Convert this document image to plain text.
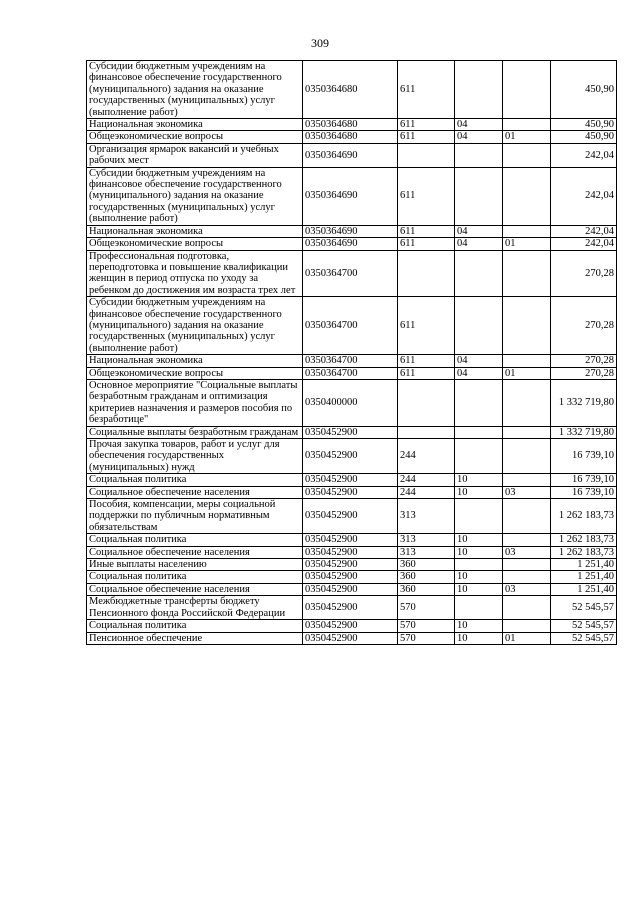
309
Субсидии бюджетным учреждениям на финансовое обеспечение государственного (муниципального) задания на оказание государственных (муниципальных) услуг (выполнение работ)	0350364680	611			450,90
Национальная экономика	0350364680	611	04		450,90
Общеэкономические вопросы	0350364680	611	04	01	450,90
Организация ярмарок вакансий и учебных рабочих мест	0350364690				242,04
Субсидии бюджетным учреждениям на финансовое обеспечение государственного (муниципального) задания на оказание государственных (муниципальных) услуг (выполнение работ)	0350364690	611			242,04
Национальная экономика	0350364690	611	04		242,04
Общеэкономические вопросы	0350364690	611	04	01	242,04
Профессиональная подготовка, переподготовка и повышение квалификации женщин в период отпуска по уходу за ребенком до достижения им возраста трех лет	0350364700				270,28
Субсидии бюджетным учреждениям на финансовое обеспечение государственного (муниципального) задания на оказание государственных (муниципальных) услуг (выполнение работ)	0350364700	611			270,28
Национальная экономика	0350364700	611	04		270,28
Общеэкономические вопросы	0350364700	611	04	01	270,28
Основное мероприятие "Социальные выплаты безработным гражданам и оптимизация критериев назначения и размеров пособия по безработице"	0350400000				1 332 719,80
Социальные выплаты безработным гражданам	0350452900				1 332 719,80
Прочая закупка товаров, работ и услуг для обеспечения государственных (муниципальных) нужд	0350452900	244			16 739,10
Социальная политика	0350452900	244	10		16 739,10
Социальное обеспечение населения	0350452900	244	10	03	16 739,10
Пособия, компенсации, меры социальной поддержки по публичным нормативным обязательствам	0350452900	313			1 262 183,73
Социальная политика	0350452900	313	10		1 262 183,73
Социальное обеспечение населения	0350452900	313	10	03	1 262 183,73
Иные выплаты населению	0350452900	360			1 251,40
Социальная политика	0350452900	360	10		1 251,40
Социальное обеспечение населения	0350452900	360	10	03	1 251,40
Межбюджетные трансферты бюджету Пенсионного фонда Российской Федерации	0350452900	570			52 545,57
Социальная политика	0350452900	570	10		52 545,57
Пенсионное обеспечение	0350452900	570	10	01	52 545,57
